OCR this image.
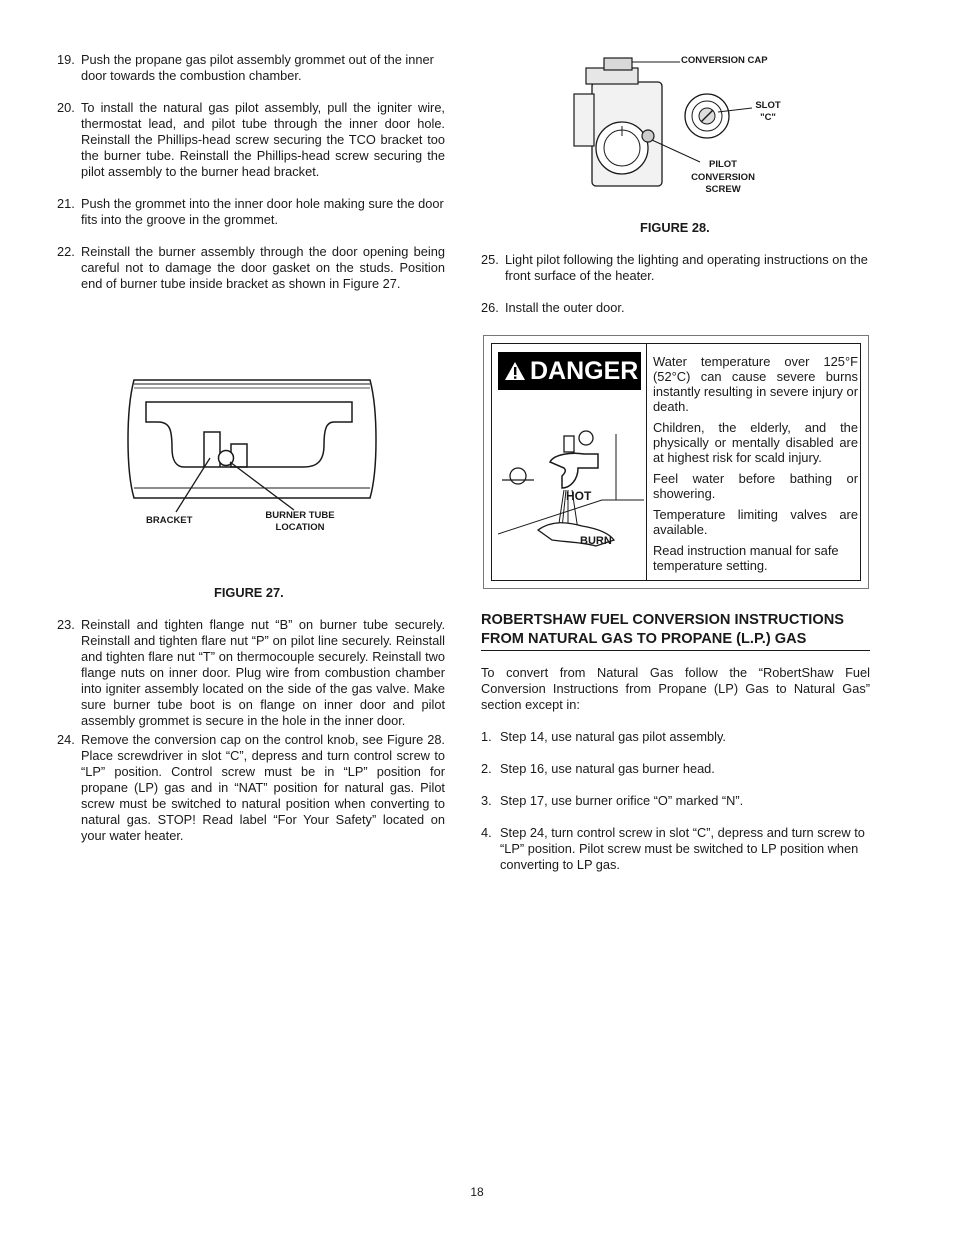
19. Push the propane gas pilot assembly grommet out of the inner door towards the combustion chamber.
20. To install the natural gas pilot assembly, pull the igniter wire, thermostat lead, and pilot tube through the inner door hole. Reinstall the Phillips-head screw securing the TCO bracket too the burner tube. Reinstall the Phillips-head screw securing the pilot assembly to the burner head bracket.
21. Push the grommet into the inner door hole making sure the door fits into the groove in the grommet.
22. Reinstall the burner assembly through the door opening being careful not to damage the door gasket on the studs. Position end of burner tube inside bracket as shown in Figure 27.
BRACKET	BURNER TUBE
LOCATION
FIGURE 27.
23. Reinstall and tighten flange nut “B” on burner tube securely. Reinstall and tighten flare nut “P” on pilot line securely. Reinstall and tighten flare nut “T” on thermocouple securely. Reinstall two flange nuts on inner door. Plug wire from combustion chamber into igniter assembly located on the side of the gas valve. Make sure burner tube boot is on flange on inner door and pilot assembly grommet is secure in the hole in the inner door.
24. Remove the conversion cap on the control knob, see Figure 28. Place screwdriver in slot “C”, depress and turn control screw to “LP” position. Control screw must be in “LP” position for propane (LP) gas and in “NAT” position for natural gas. Pilot screw must be switched to natural position when converting to natural gas. STOP! Read label “For Your Safety” located on your water heater.
CONVERSION CAP
SLOT
"C"
PILOT
CONVERSION
SCREW
FIGURE 28.
25. Light pilot following the lighting and operating instructions on the front surface of the heater.
26. Install the outer door.
DANGER
BURN
HOT

Water temperature over 125°F (52°C) can cause severe burns instantly resulting in severe injury or death.

Children, the elderly, and the physically or mentally disabled are at highest risk for scald injury.

Feel water before bathing or showering.

Temperature limiting valves are available.

Read instruction manual for safe temperature setting.

ROBERTSHAW FUEL CONVERSION INSTRUCTIONS
FROM NATURAL GAS TO PROPANE (L.P.) GAS
To convert from Natural Gas follow the “RobertShaw Fuel Conversion Instructions from Propane (LP) Gas to Natural Gas” section except in:
1. Step 14, use natural gas pilot assembly.
2. Step 16, use natural gas burner head.
3. Step 17, use burner orifice “O” marked “N”.
4. Step 24, turn control screw in slot “C”, depress and turn screw to “LP” position. Pilot screw must be switched to LP position when converting to LP gas.
18
